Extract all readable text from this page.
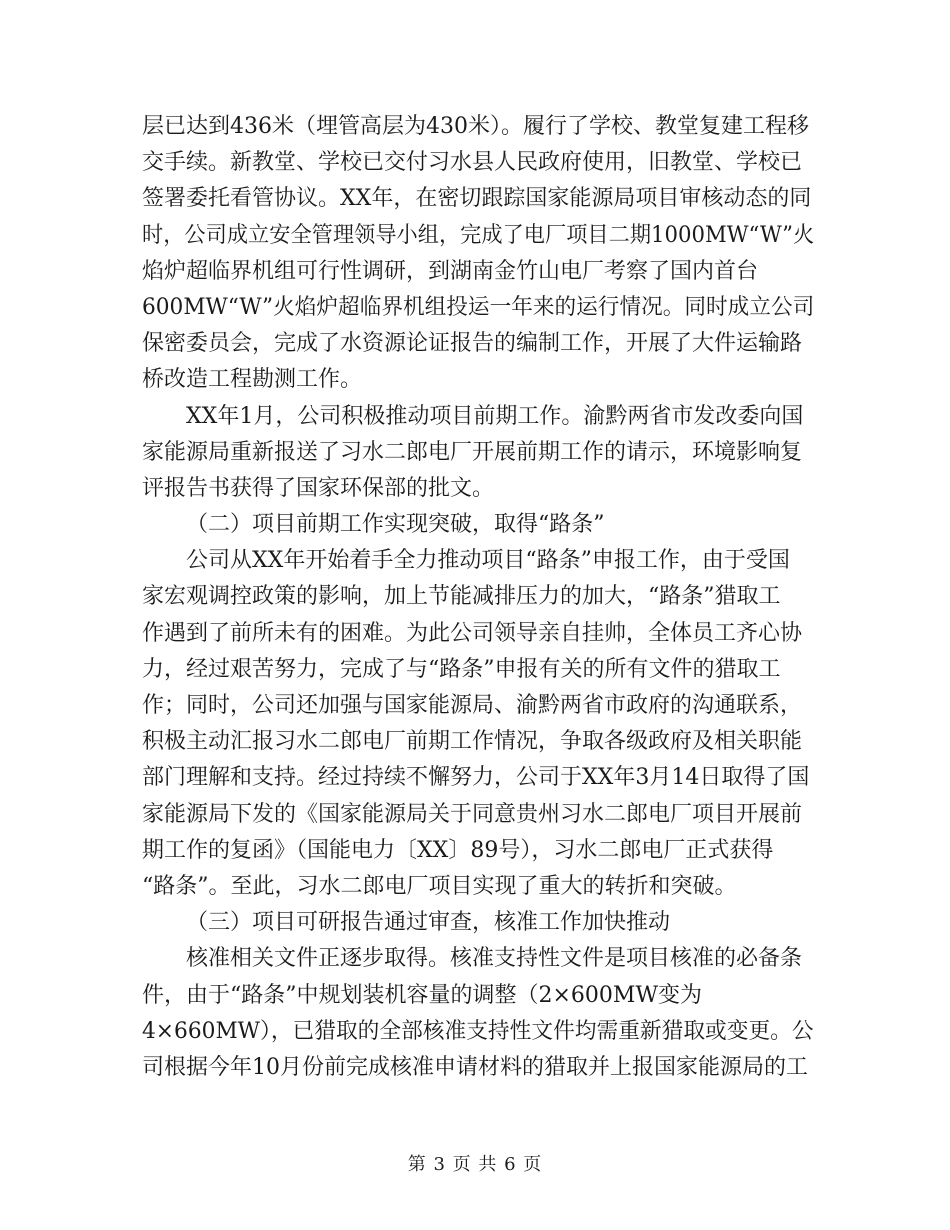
层已达到436米（埋管高层为430米）。履行了学校、教堂复建工程移
交手续。新教堂、学校已交付习水县人民政府使用，旧教堂、学校已
签署委托看管协议。XX年，在密切跟踪国家能源局项目审核动态的同
时，公司成立安全管理领导小组，完成了电厂项目二期1000MW“W”火
焰炉超临界机组可行性调研，到湖南金竹山电厂考察了国内首台
600MW“W”火焰炉超临界机组投运一年来的运行情况。同时成立公司
保密委员会，完成了水资源论证报告的编制工作，开展了大件运输路
桥改造工程勘测工作。
XX年1月，公司积极推动项目前期工作。渝黔两省市发改委向国
家能源局重新报送了习水二郎电厂开展前期工作的请示，环境影响复
评报告书获得了国家环保部的批文。
（二）项目前期工作实现突破，取得“路条”
公司从XX年开始着手全力推动项目“路条”申报工作，由于受国
家宏观调控政策的影响，加上节能减排压力的加大，“路条”猎取工
作遇到了前所未有的困难。为此公司领导亲自挂帅，全体员工齐心协
力，经过艰苦努力，完成了与“路条”申报有关的所有文件的猎取工
作；同时，公司还加强与国家能源局、渝黔两省市政府的沟通联系，
积极主动汇报习水二郎电厂前期工作情况，争取各级政府及相关职能
部门理解和支持。经过持续不懈努力，公司于XX年3月14日取得了国
家能源局下发的《国家能源局关于同意贵州习水二郎电厂项目开展前
期工作的复函》（国能电力〔XX〕89号），习水二郎电厂正式获得
“路条”。至此，习水二郎电厂项目实现了重大的转折和突破。
（三）项目可研报告通过审查，核准工作加快推动
核准相关文件正逐步取得。核准支持性文件是项目核准的必备条
件，由于“路条”中规划装机容量的调整（2×600MW变为
4×660MW），已猎取的全部核准支持性文件均需重新猎取或变更。公
司根据今年10月份前完成核准申请材料的猎取并上报国家能源局的工
第 3 页 共 6 页
